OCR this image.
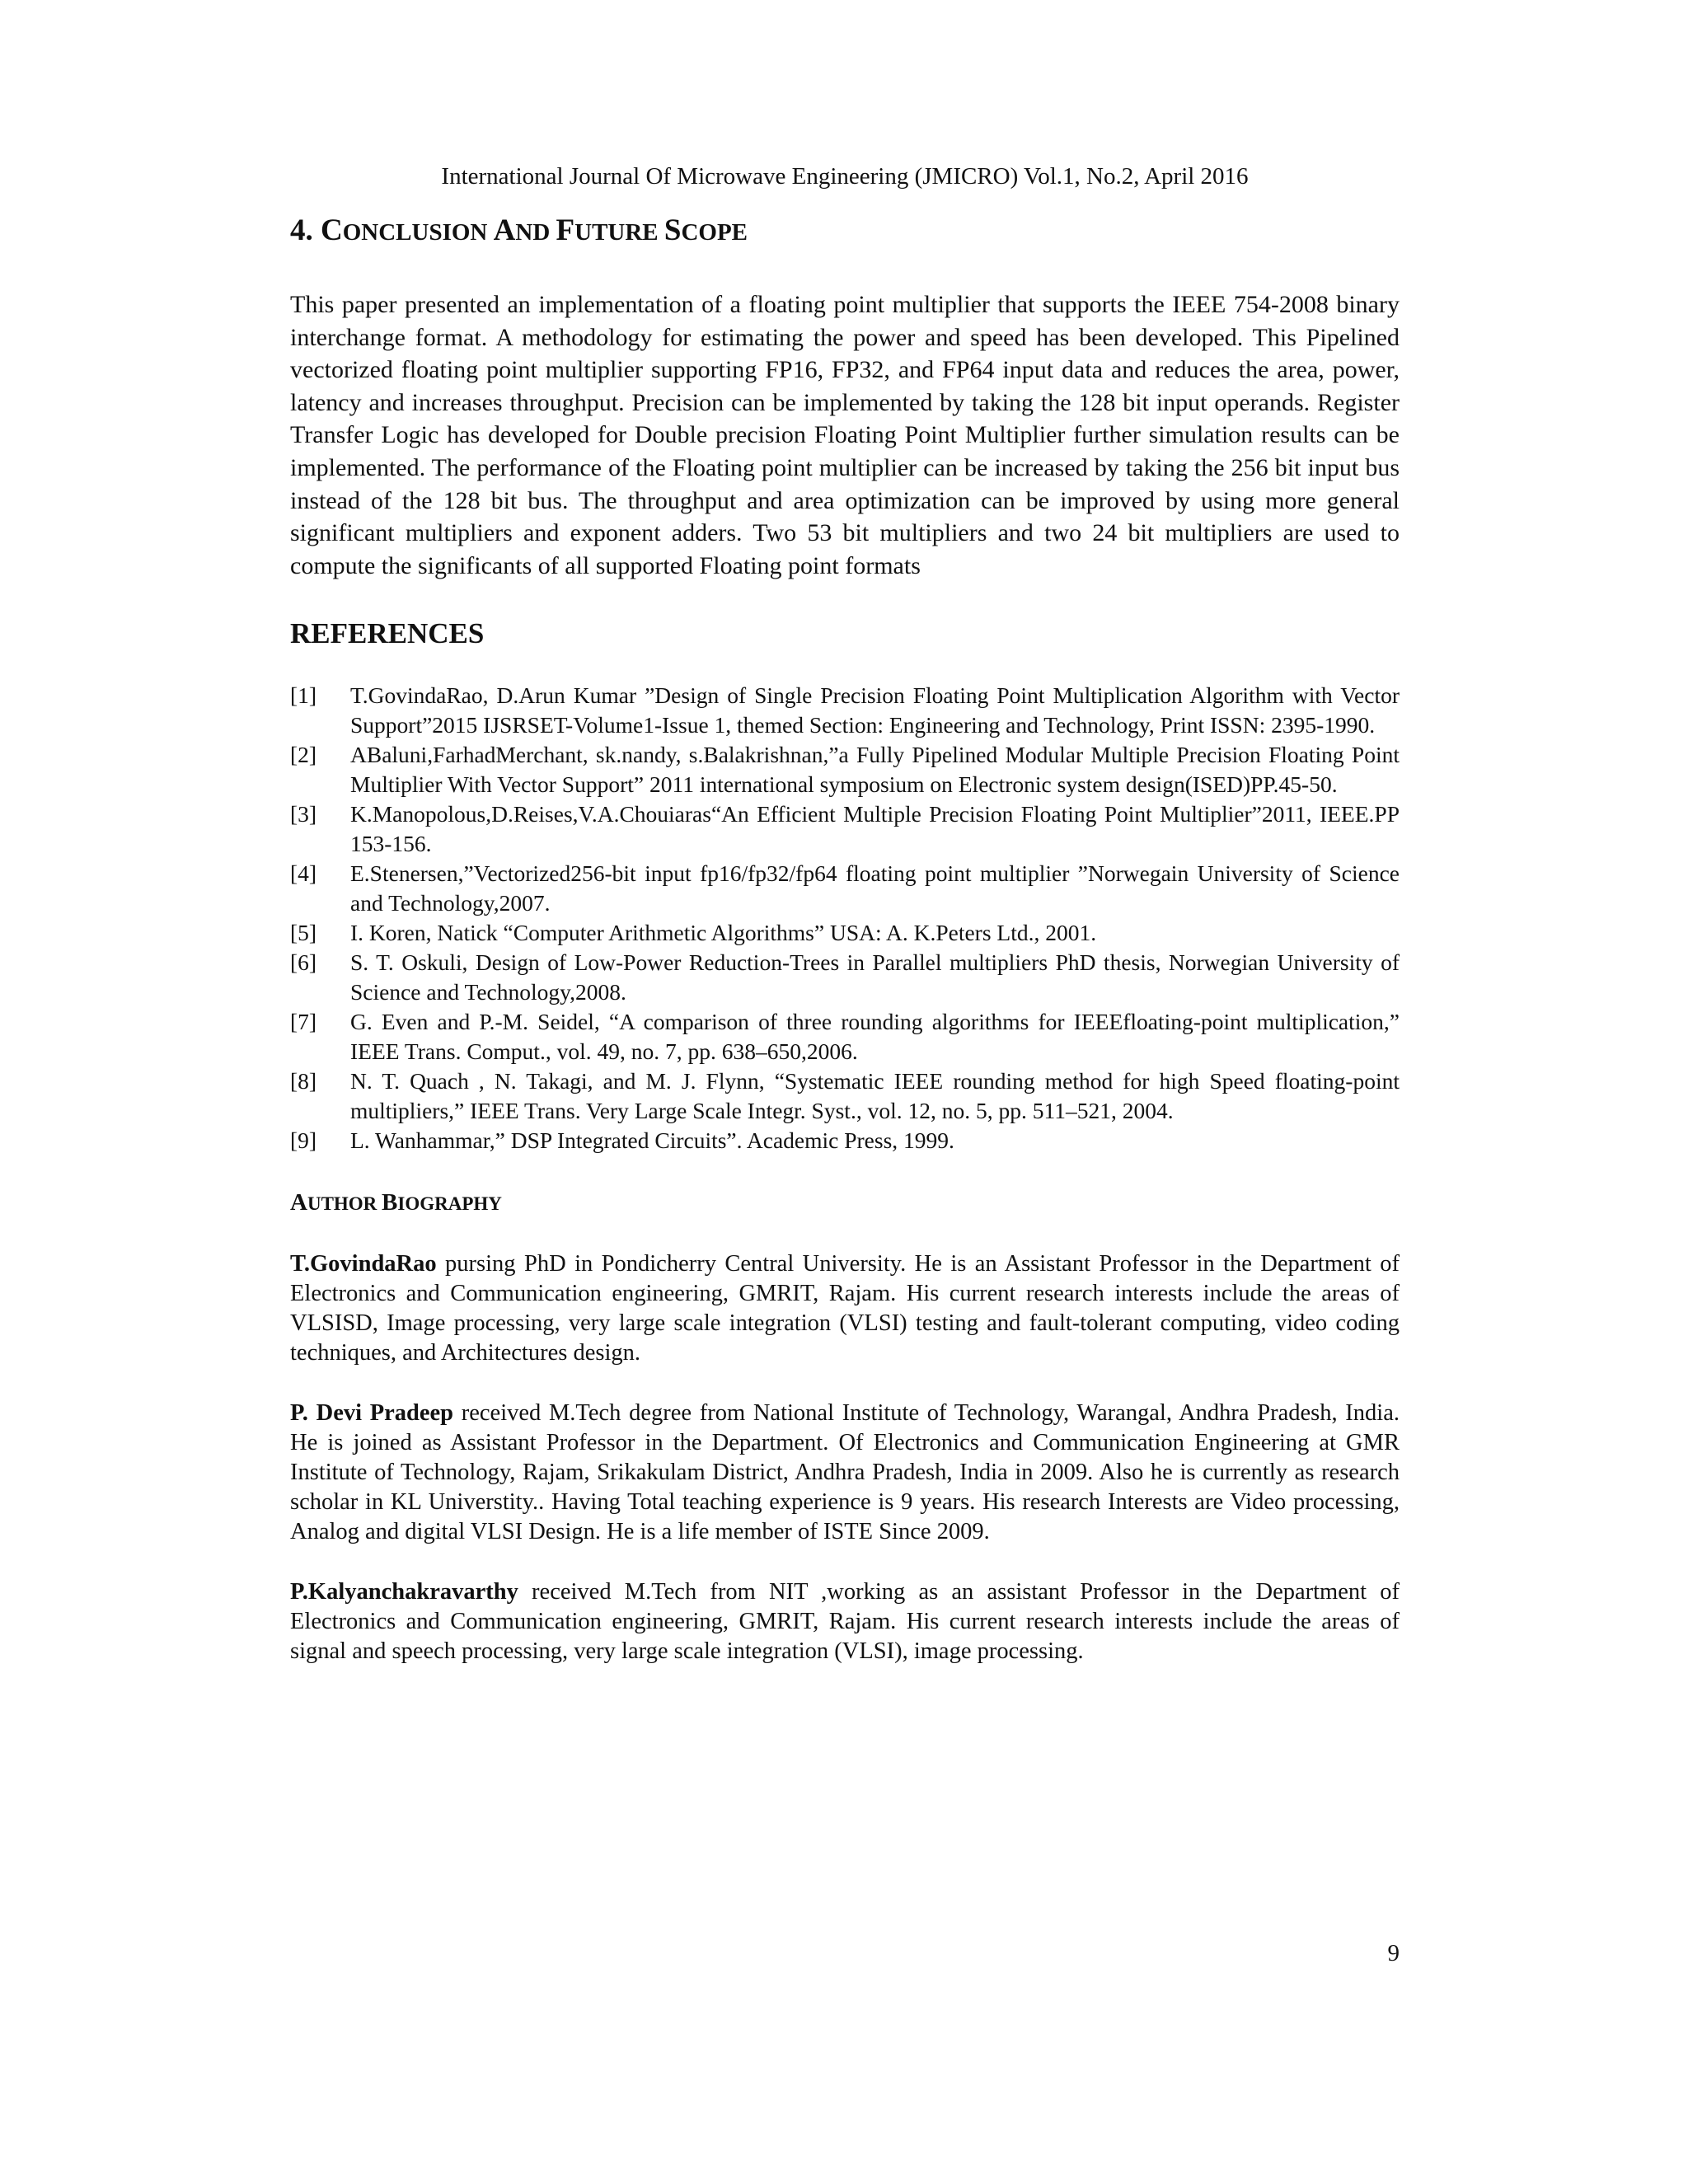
International Journal Of Microwave Engineering (JMICRO) Vol.1, No.2, April 2016
4. CONCLUSION AND FUTURE SCOPE

This paper presented an implementation of a floating point multiplier that supports the IEEE 754-2008 binary interchange format. A methodology for estimating the power and speed has been developed. This Pipelined vectorized floating point multiplier supporting FP16, FP32, and FP64 input data and reduces the area, power, latency and increases throughput. Precision can be implemented by taking the 128 bit input operands. Register Transfer Logic has developed for Double precision Floating Point Multiplier further simulation results can be implemented. The performance of the Floating point multiplier can be increased by taking the 256 bit input bus instead of the 128 bit bus. The throughput and area optimization can be improved by using more general significant multipliers and exponent adders. Two 53 bit multipliers and two 24 bit multipliers are used to compute the significants of all supported Floating point formats

REFERENCES
[1] T.GovindaRao, D.Arun Kumar ”Design of Single Precision Floating Point Multiplication Algorithm with Vector Support”2015 IJSRSET-Volume1-Issue 1, themed Section: Engineering and Technology, Print ISSN: 2395-1990.
[2] ABaluni,FarhadMerchant, sk.nandy, s.Balakrishnan,”a Fully Pipelined Modular Multiple Precision Floating Point Multiplier With Vector Support” 2011 international symposium on Electronic system design(ISED)PP.45-50.
[3] K.Manopolous,D.Reises,V.A.Chouiaras“An Efficient Multiple Precision Floating Point Multiplier”2011, IEEE.PP 153-156.
[4] E.Stenersen,”Vectorized256-bit input fp16/fp32/fp64 floating point multiplier ”Norwegain University of Science and Technology,2007.
[5] I. Koren, Natick “Computer Arithmetic Algorithms” USA: A. K.Peters Ltd., 2001.
[6] S. T. Oskuli, Design of Low-Power Reduction-Trees in Parallel multipliers PhD thesis, Norwegian University of Science and Technology,2008.
[7] G. Even and P.-M. Seidel, “A comparison of three rounding algorithms for IEEEfloating-point multiplication,” IEEE Trans. Comput., vol. 49, no. 7, pp. 638–650,2006.
[8] N. T. Quach , N. Takagi, and M. J. Flynn, “Systematic IEEE rounding method for high Speed floating-point multipliers,” IEEE Trans. Very Large Scale Integr. Syst., vol. 12, no. 5, pp. 511–521, 2004.
[9] L. Wanhammar,” DSP Integrated Circuits”. Academic Press, 1999.
AUTHOR BIOGRAPHY

T.GovindaRao pursing PhD in Pondicherry Central University. He is an Assistant Professor in the Department of Electronics and Communication engineering, GMRIT, Rajam. His current research interests include the areas of VLSISD, Image processing, very large scale integration (VLSI) testing and fault-tolerant computing, video coding techniques, and Architectures design.

P. Devi Pradeep received M.Tech degree from National Institute of Technology, Warangal, Andhra Pradesh, India. He is joined as Assistant Professor in the Department. Of Electronics and Communication Engineering at GMR Institute of Technology, Rajam, Srikakulam District, Andhra Pradesh, India in 2009. Also he is currently as research scholar in KL Universtity.. Having Total teaching experience is 9 years. His research Interests are Video processing, Analog and digital VLSI Design. He is a life member of ISTE Since 2009.

P.Kalyanchakravarthy received M.Tech from NIT ,working as an assistant Professor in the Department of Electronics and Communication engineering, GMRIT, Rajam. His current research interests include the areas of signal and speech processing, very large scale integration (VLSI), image processing.

9
